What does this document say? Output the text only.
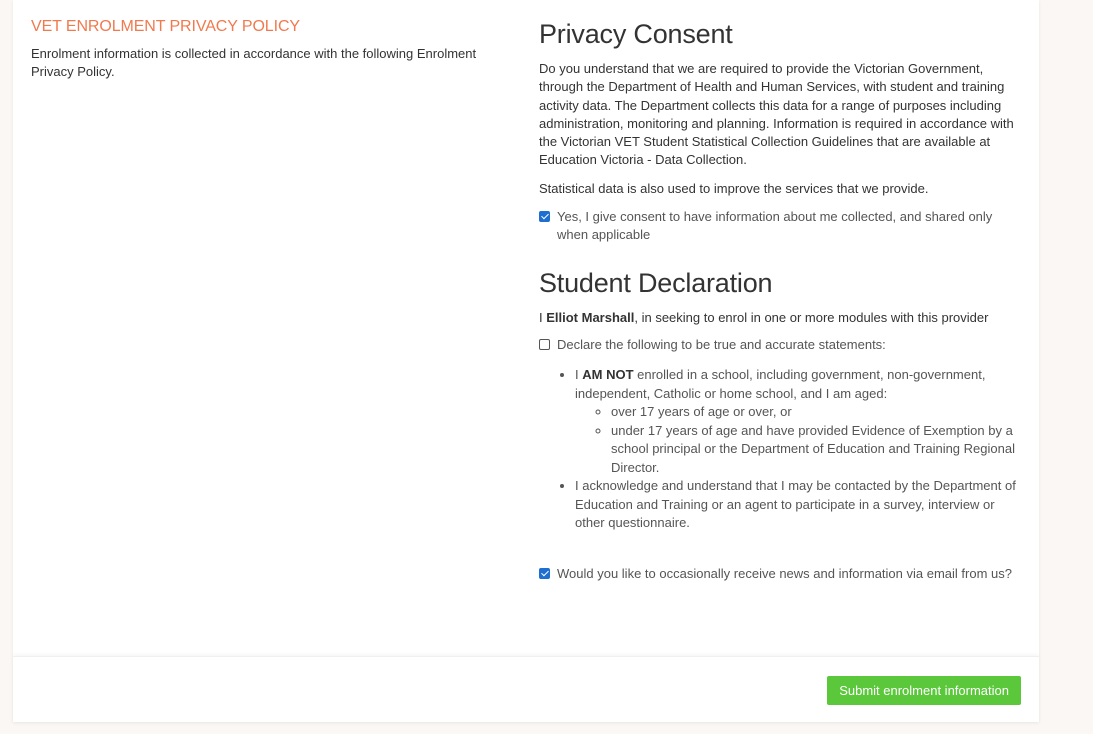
VET ENROLMENT PRIVACY POLICY

Enrolment information is collected in accordance with the following Enrolment Privacy Policy.

Privacy Consent

Do you understand that we are required to provide the Victorian Government, through the Department of Health and Human Services, with student and training activity data. The Department collects this data for a range of purposes including administration, monitoring and planning. Information is required in accordance with the Victorian VET Student Statistical Collection Guidelines that are available at Education Victoria - Data Collection.

Statistical data is also used to improve the services that we provide.

Yes, I give consent to have information about me collected, and shared only when applicable
Student Declaration

I Elliot Marshall, in seeking to enrol in one or more modules with this provider

Declare the following to be true and accurate statements:
• I AM NOT enrolled in a school, including government, non-government, independent, Catholic or home school, and I am aged:
◦ over 17 years of age or over, or
◦ under 17 years of age and have provided Evidence of Exemption by a school principal or the Department of Education and Training Regional Director.
• I acknowledge and understand that I may be contacted by the Department of Education and Training or an agent to participate in a survey, interview or other questionnaire.
Would you like to occasionally receive news and information via email from us?
Submit enrolment information
